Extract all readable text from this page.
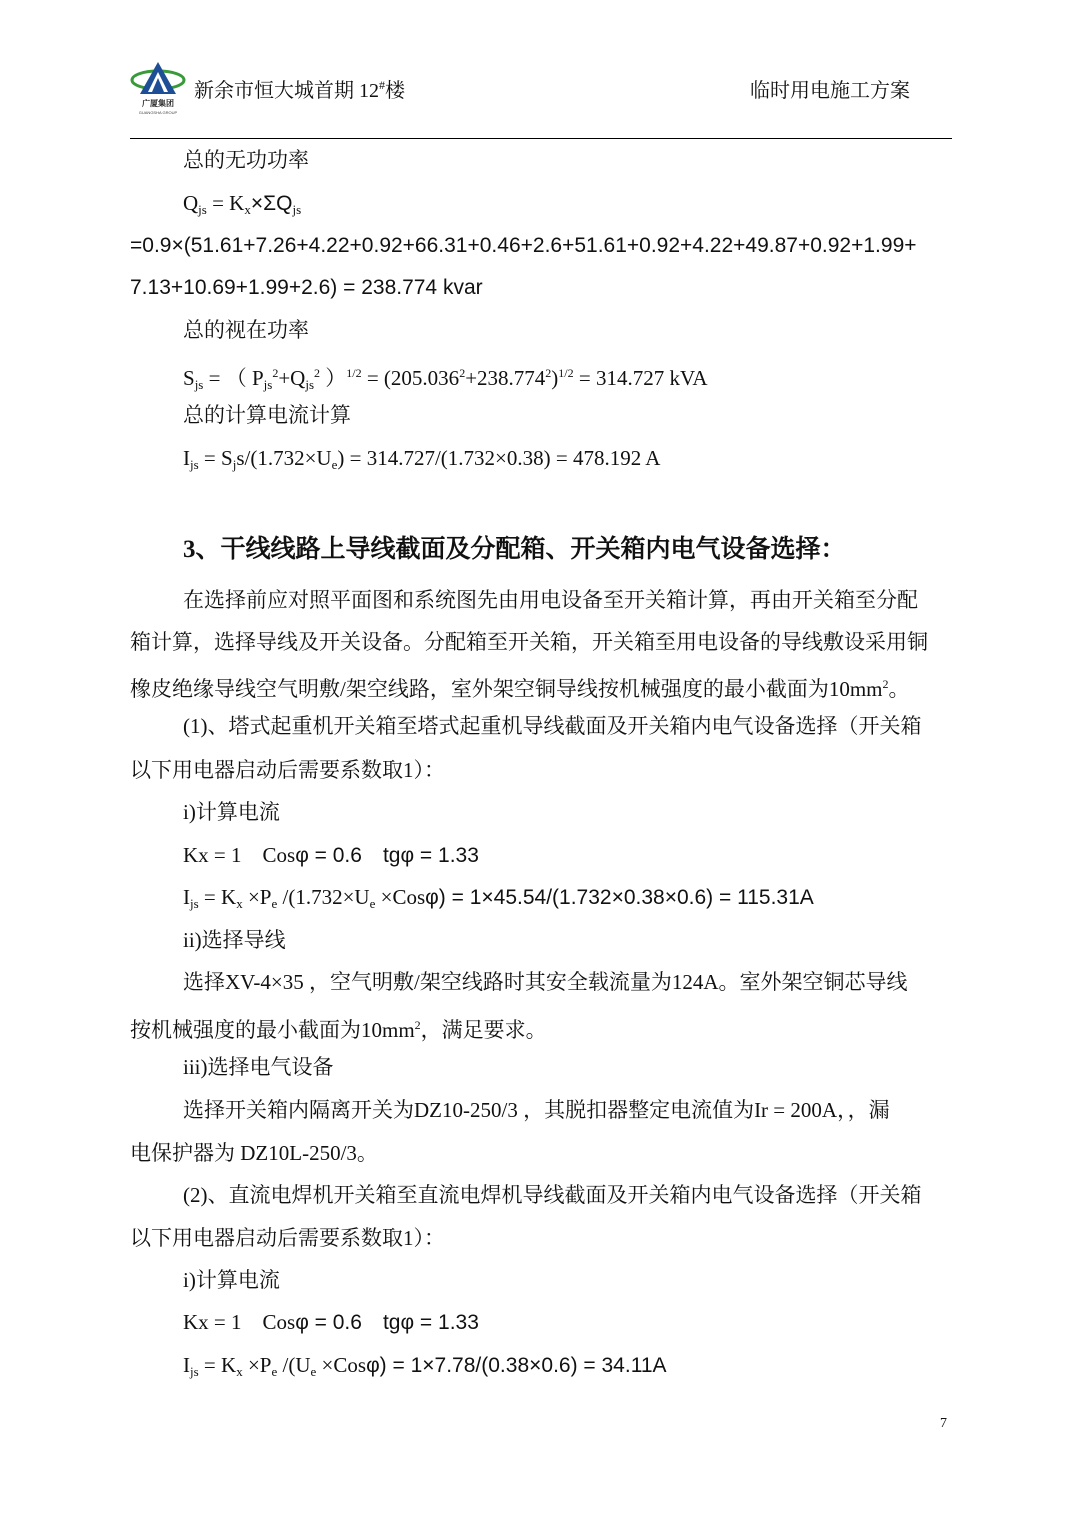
广厦集团
GUANGSHA GROUP
新余市恒大城首期 12#楼	临时用电施工方案
总的无功功率
$Q_{js} = K_x\times\Sigma Q_{js}$
=0.9×(51.61+7.26+4.22+0.92+66.31+0.46+2.6+51.61+0.92+4.22+49.87+0.92+1.99+
7.13+10.69+1.99+2.6) = 238.774 kvar
总的视在功率
$S_{js}$ = （ $P_{js}^2+Q_{js}^2$ ）$^{1/2} = (205.036^2+238.774^2)^{1/2} = 314.727$ kVA
总的计算电流计算
$I_{js} = S_js/(1.732\times U_e) = 314.727/(1.732\times 0.38) = 478.192$ A
3、干线线路上导线截面及分配箱、开关箱内电气设备选择：
在选择前应对照平面图和系统图先由用电设备至开关箱计算，再由开关箱至分配
箱计算，选择导线及开关设备。分配箱至开关箱，开关箱至用电设备的导线敷设采用铜
橡皮绝缘导线空气明敷/架空线路，室外架空铜导线按机械强度的最小截面为$10mm^2$。
(1)、塔式起重机开关箱至塔式起重机导线截面及开关箱内电气设备选择（开关箱
以下用电器启动后需要系数取1）：
i)计算电流
Kx = 1　Cosφ = 0.6　tgφ = 1.33
$I_{js} = K_x \times P_e$ $/(1.732\times U_e \times Cos\varphi) = 1\times 45.54/(1.732\times 0.38\times 0.6) = 115.31A$
ii)选择导线
选择XV-4×35 ，空气明敷/架空线路时其安全载流量为124A。室外架空铜芯导线
按机械强度的最小截面为$10mm^2$，满足要求。
iii)选择电气设备
选择开关箱内隔离开关为DZ10-250/3 ，其脱扣器整定电流值为Ir = 200A，，漏
电保护器为 DZ10L-250/3。
(2)、直流电焊机开关箱至直流电焊机导线截面及开关箱内电气设备选择（开关箱
以下用电器启动后需要系数取1）：
i)计算电流
Kx = 1　Cosφ = 0.6　tgφ = 1.33
$I_{js} = K_x \times P_e$ $/(U_e \times Cos\varphi) = 1\times 7.78/(0.38\times 0.6) = 34.11A$
7
